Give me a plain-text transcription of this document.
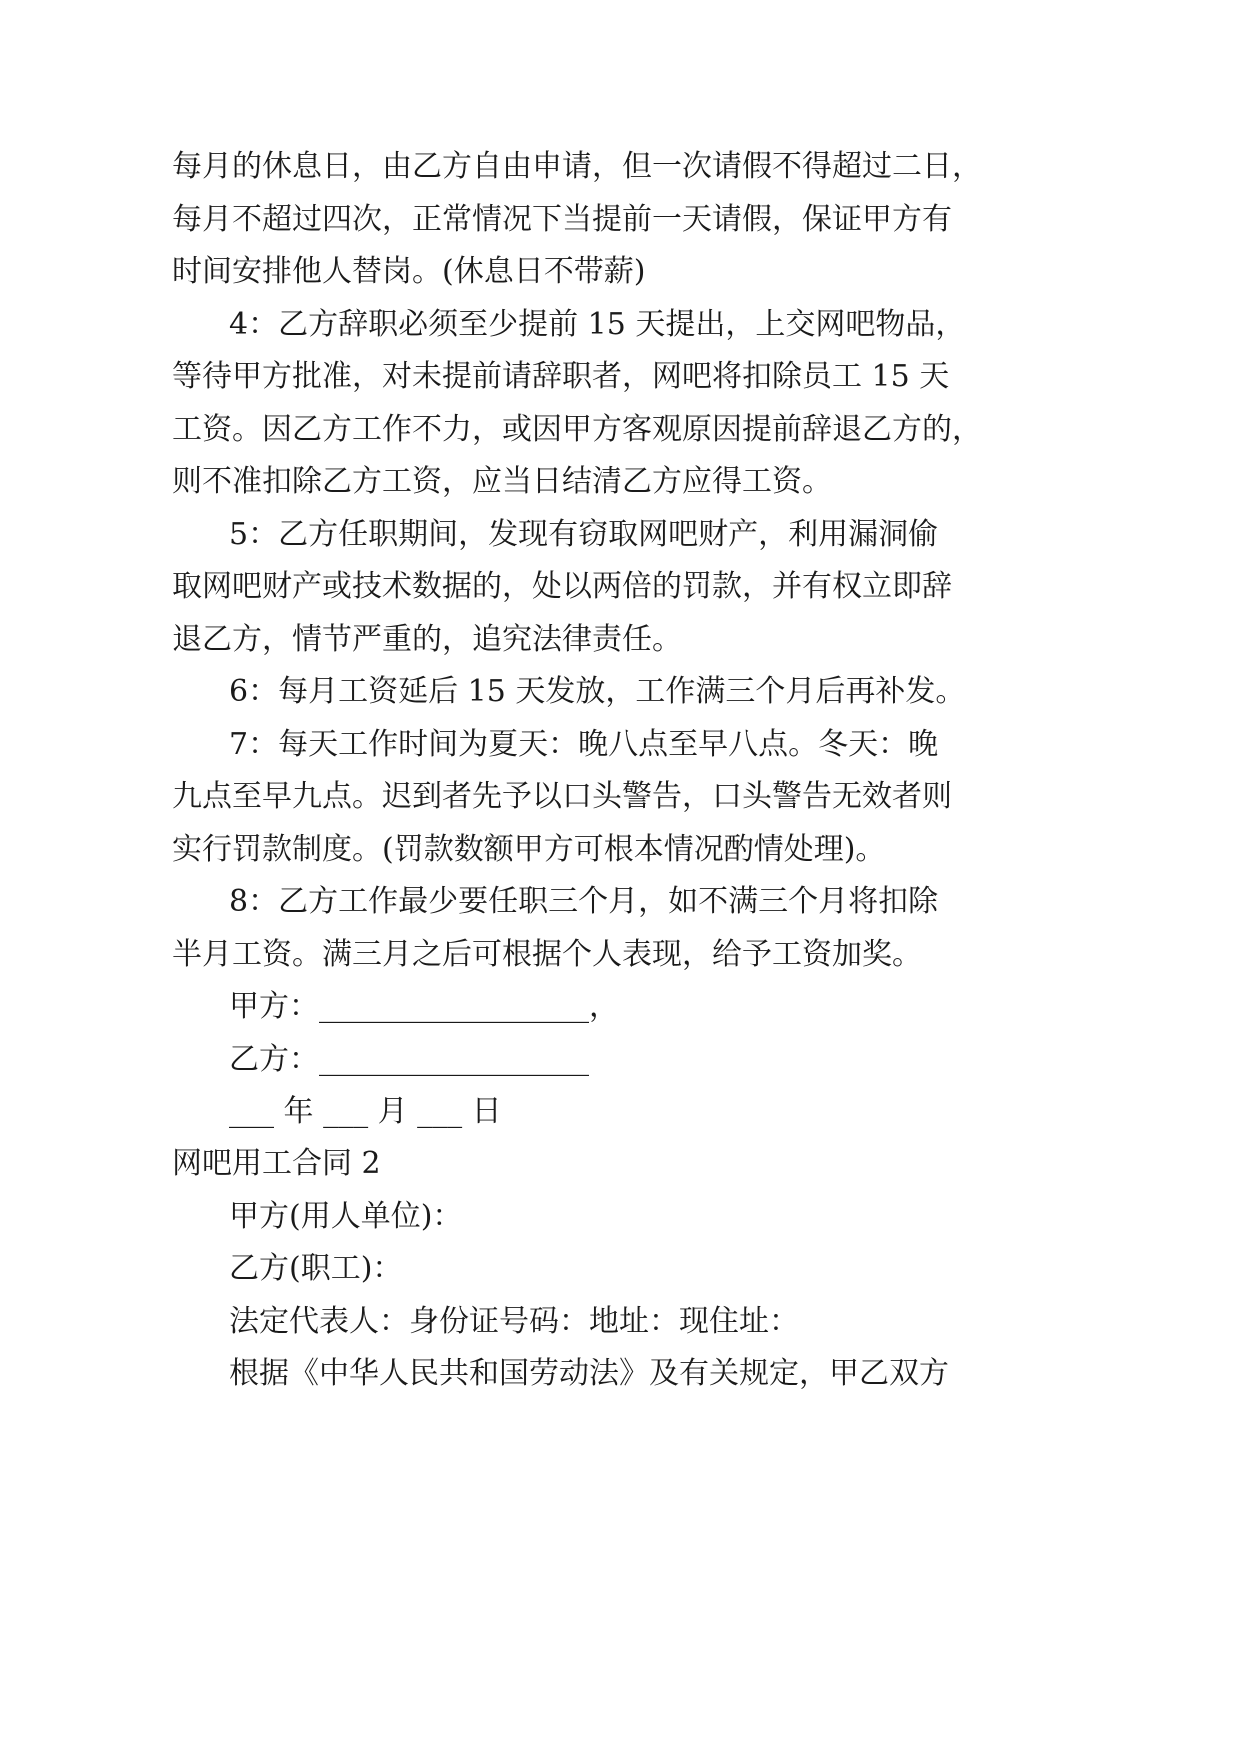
每月的休息日，由乙方自由申请，但一次请假不得超过二日，
每月不超过四次，正常情况下当提前一天请假，保证甲方有
时间安排他人替岗。(休息日不带薪)
4：乙方辞职必须至少提前 15 天提出，上交网吧物品，
等待甲方批准，对未提前请辞职者，网吧将扣除员工 15 天
工资。因乙方工作不力，或因甲方客观原因提前辞退乙方的，
则不准扣除乙方工资，应当日结清乙方应得工资。
5：乙方任职期间，发现有窃取网吧财产，利用漏洞偷
取网吧财产或技术数据的，处以两倍的罚款，并有权立即辞
退乙方，情节严重的，追究法律责任。
6：每月工资延后 15 天发放，工作满三个月后再补发。
7：每天工作时间为夏天：晚八点至早八点。冬天：晚
九点至早九点。迟到者先予以口头警告，口头警告无效者则
实行罚款制度。(罚款数额甲方可根本情况酌情处理)。
8：乙方工作最少要任职三个月，如不满三个月将扣除
半月工资。满三月之后可根据个人表现，给予工资加奖。
甲方：__________________，
乙方：__________________
___ 年 ___ 月 ___ 日
网吧用工合同 2
甲方(用人单位)：
乙方(职工)：
法定代表人：身份证号码：地址：现住址：
根据《中华人民共和国劳动法》及有关规定，甲乙双方
